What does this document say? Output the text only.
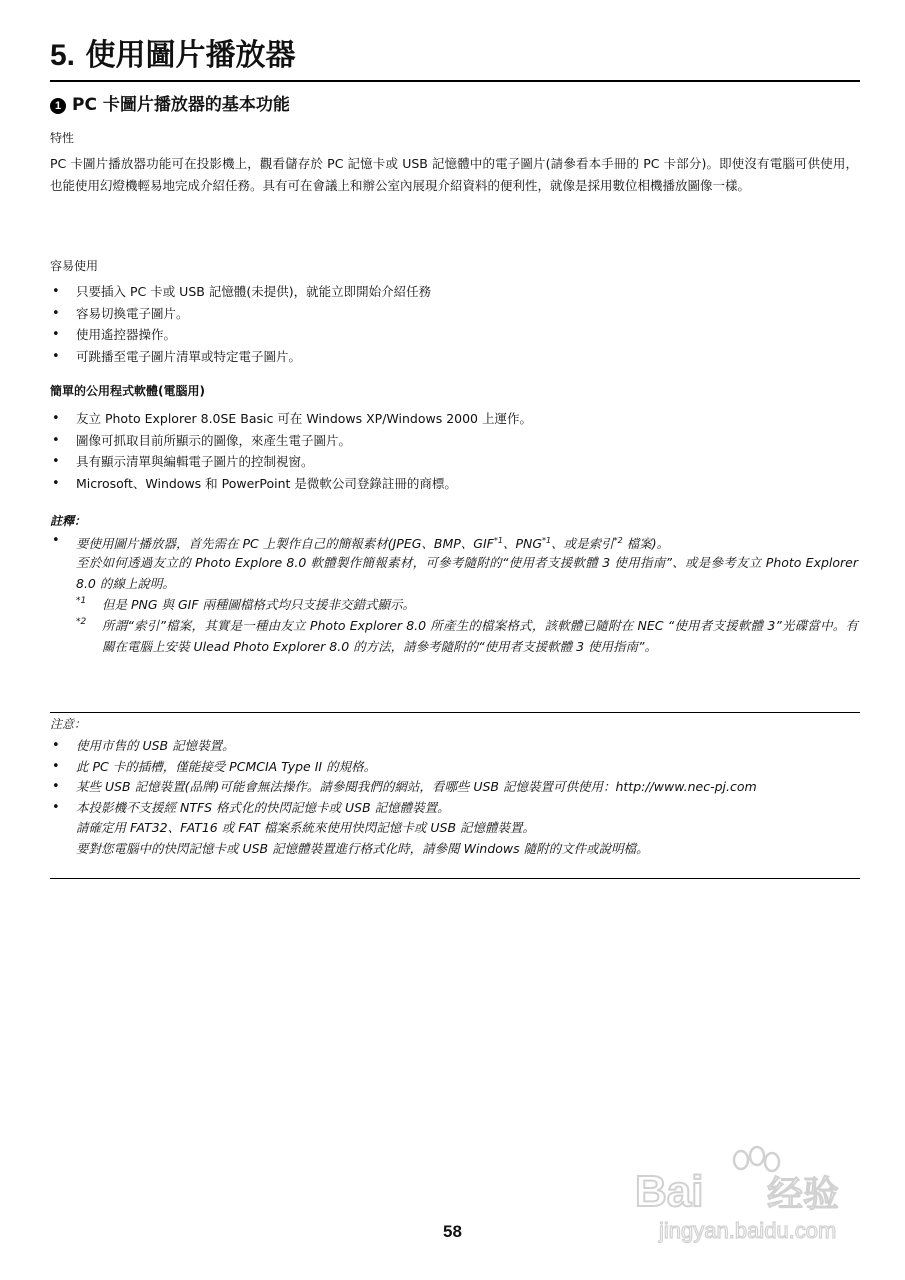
5. 使用圖片播放器
1 PC 卡圖片播放器的基本功能
特性
PC 卡圖片播放器功能可在投影機上，觀看儲存於 PC 記憶卡或 USB 記憶體中的電子圖片(請參看本手冊的 PC 卡部分)。即使沒有電腦可供使用，也能使用幻燈機輕易地完成介紹任務。具有可在會議上和辦公室內展現介紹資料的便利性，就像是採用數位相機播放圖像一樣。
容易使用
• 只要插入 PC 卡或 USB 記憶體(未提供)，就能立即開始介紹任務
• 容易切換電子圖片。
• 使用遙控器操作。
• 可跳播至電子圖片清單或特定電子圖片。
簡單的公用程式軟體(電腦用)
• 友立 Photo Explorer 8.0SE Basic 可在 Windows XP/Windows 2000 上運作。
• 圖像可抓取目前所顯示的圖像，來產生電子圖片。
• 具有顯示清單與編輯電子圖片的控制視窗。
• Microsoft、Windows 和 PowerPoint 是微軟公司登錄註冊的商標。
註釋：
• 要使用圖片播放器，首先需在 PC 上製作自己的簡報素材(JPEG、BMP、GIF$^{*1}$、PNG$^{*1}$、或是索引$^{*2}$ 檔案)。
至於如何透過友立的 Photo Explore 8.0 軟體製作簡報素材，可參考隨附的“使用者支援軟體 3 使用指南”、或是參考友立 Photo Explorer 8.0 的線上說明。
*1 但是 PNG 與 GIF 兩種圖檔格式均只支援非交錯式顯示。
*2 所謂“索引”檔案，其實是一種由友立 Photo Explorer 8.0 所產生的檔案格式，該軟體已隨附在 NEC “使用者支援軟體 3”光碟當中。有關在電腦上安裝 Ulead Photo Explorer 8.0 的方法，請參考隨附的“使用者支援軟體 3 使用指南”。
注意：
• 使用市售的 USB 記憶裝置。
• 此 PC 卡的插槽，僅能接受 PCMCIA Type II 的規格。
• 某些 USB 記憶裝置(品牌)可能會無法操作。請參閱我們的網站，看哪些 USB 記憶裝置可供使用：http://www.nec-pj.com
• 本投影機不支援經 NTFS 格式化的快閃記憶卡或 USB 記憶體裝置。
請確定用 FAT32、FAT16 或 FAT 檔案系統來使用快閃記憶卡或 USB 記憶體裝置。
要對您電腦中的快閃記憶卡或 USB 記憶體裝置進行格式化時，請參閱 Windows 隨附的文件或說明檔。
58
Bai 经验
jingyan.baidu.com
